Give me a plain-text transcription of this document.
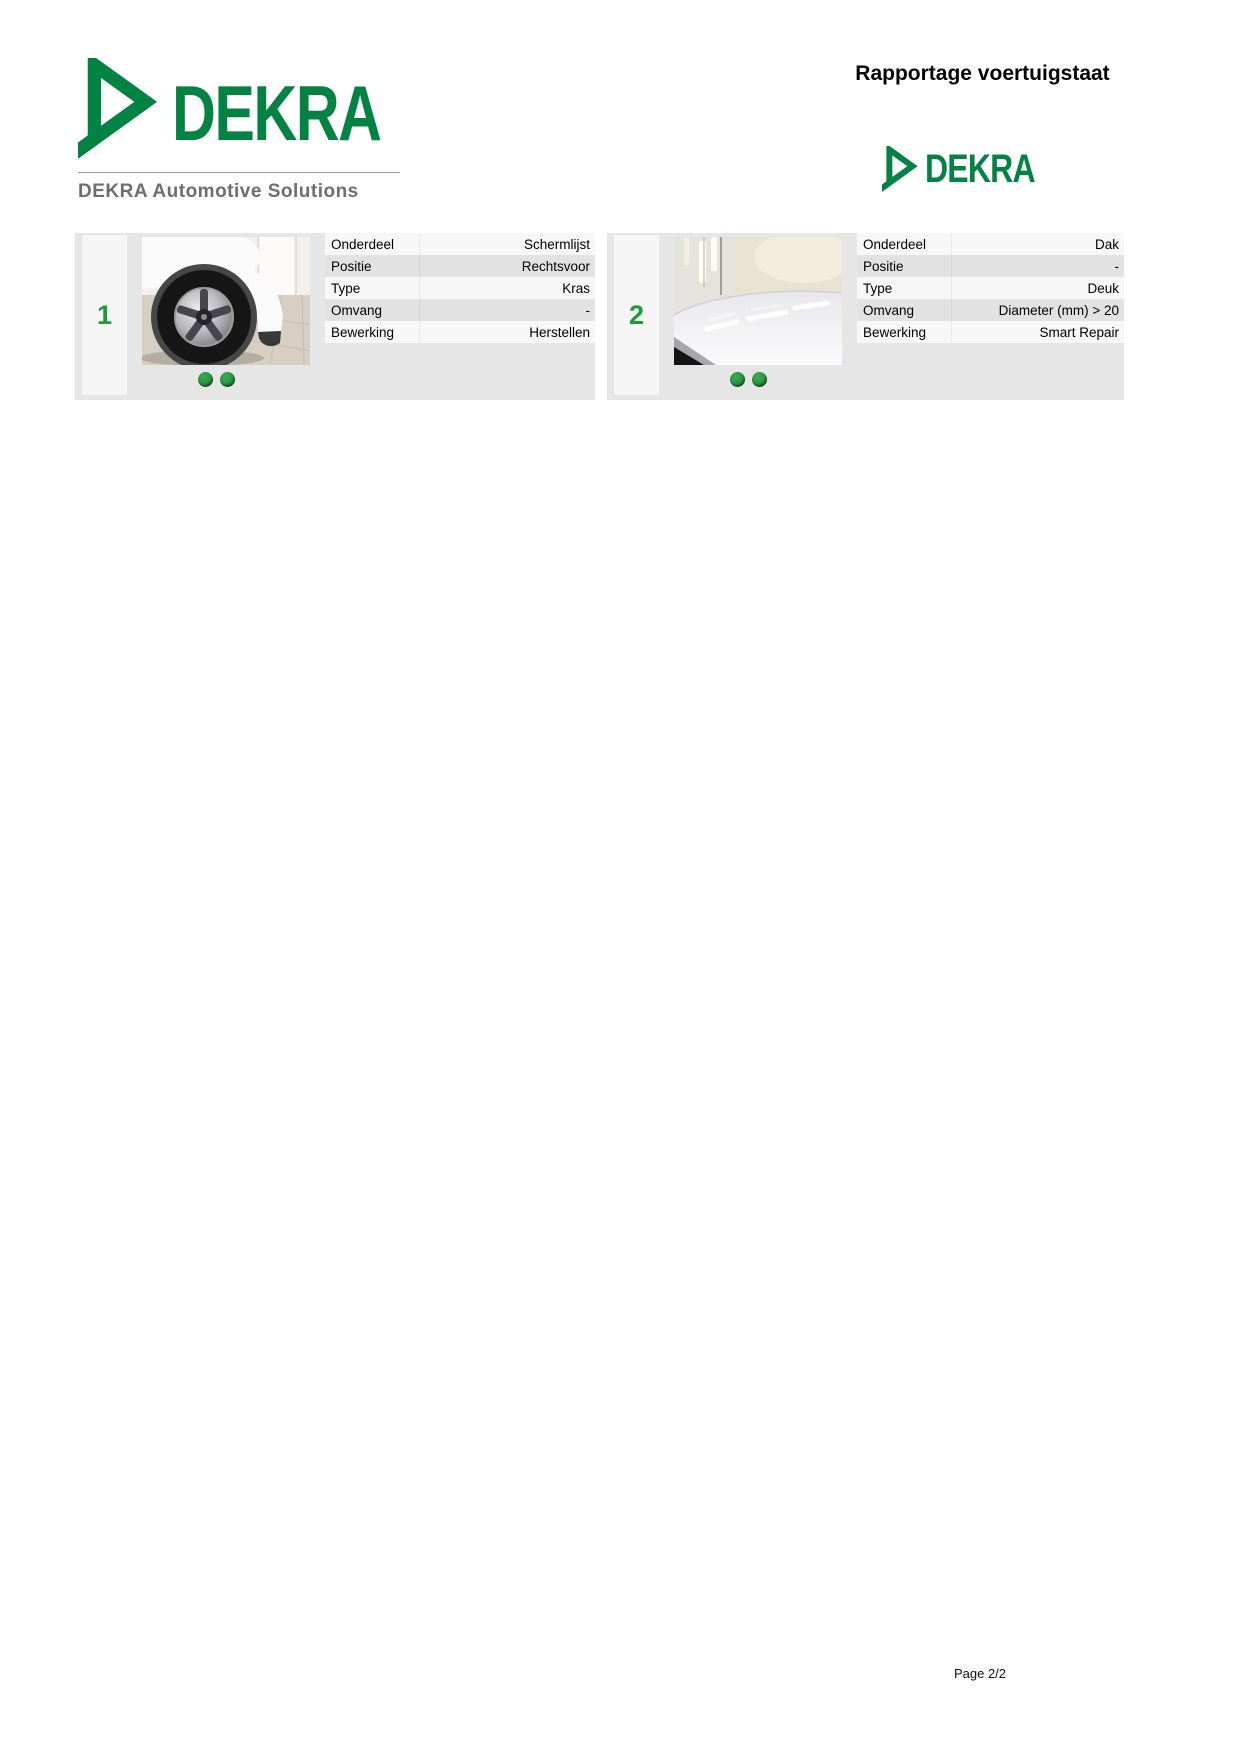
DEKRA
DEKRA Automotive Solutions
Rapportage voertuigstaat
DEKRA
1
Onderdeel	Schermlijst
Positie	Rechtsvoor
Type	Kras
Omvang	-
Bewerking	Herstellen
2
Onderdeel	Dak
Positie	-
Type	Deuk
Omvang	Diameter (mm) > 20
Bewerking	Smart Repair
Page 2/2
